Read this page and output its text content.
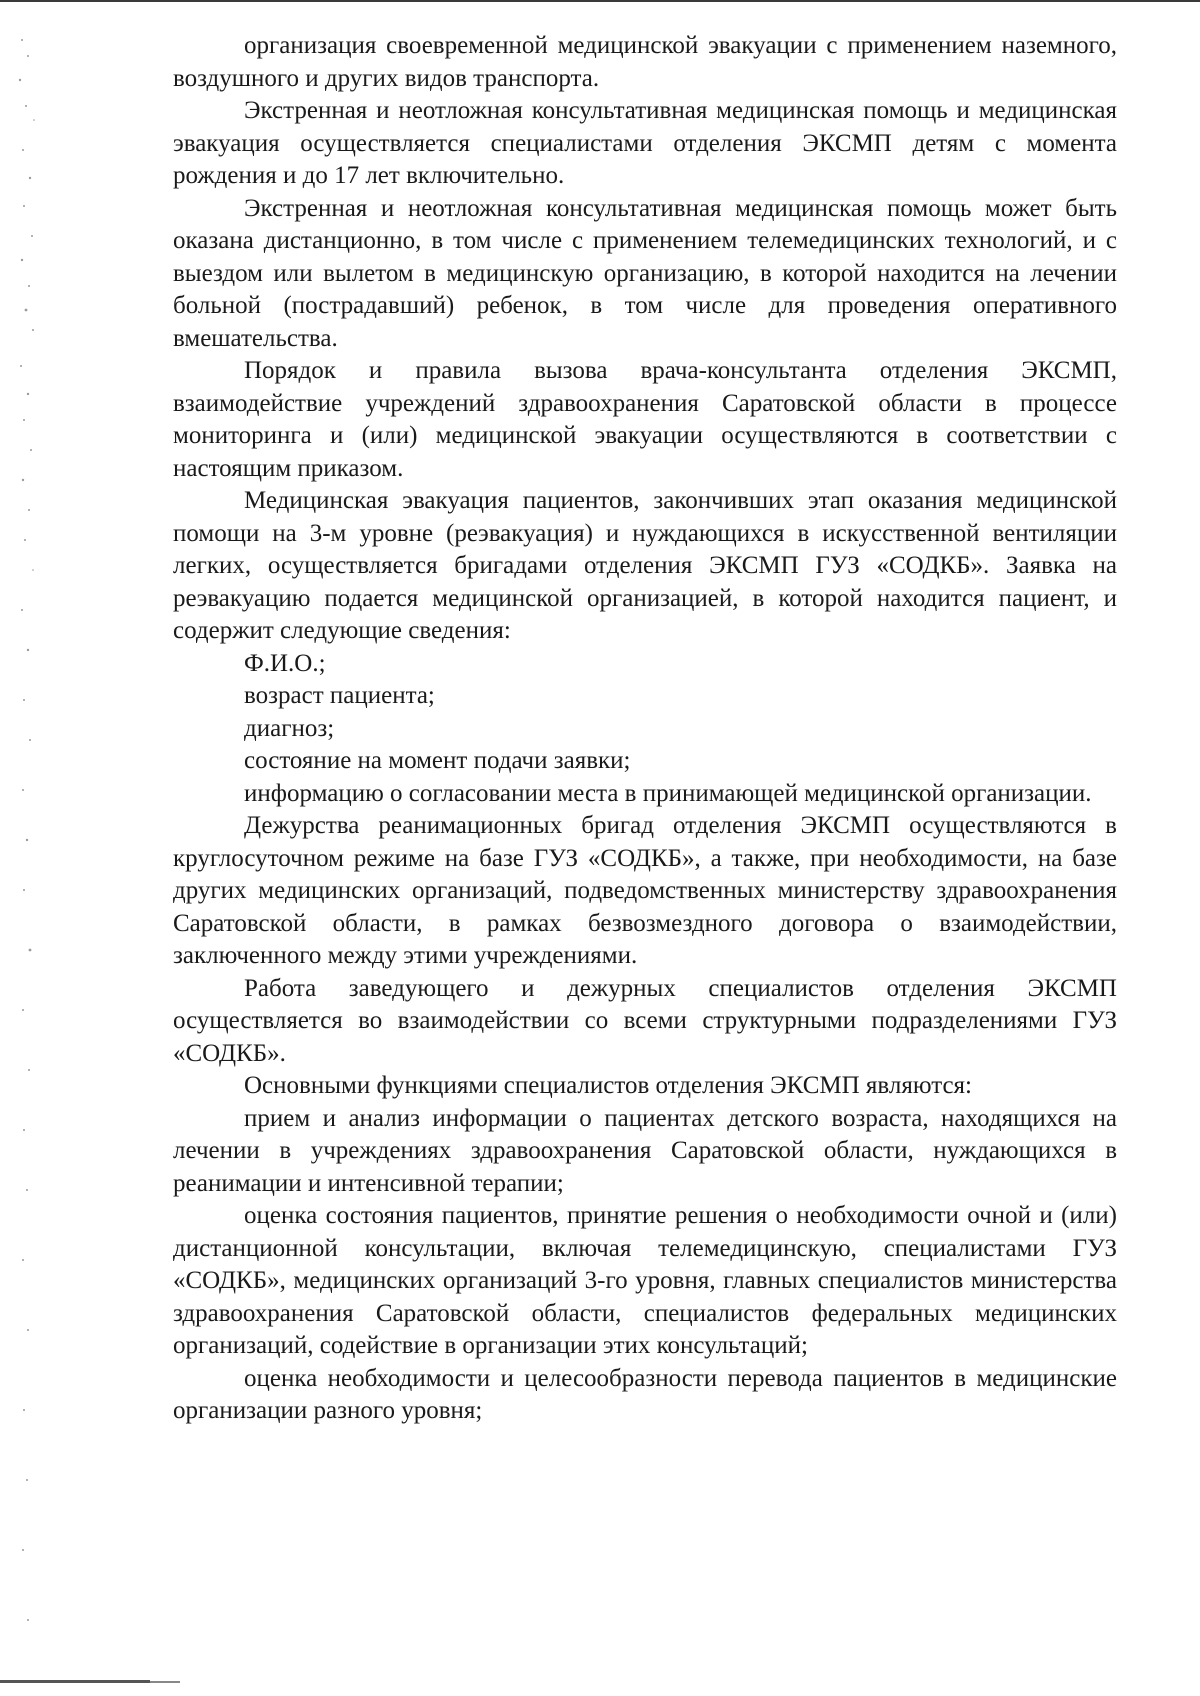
организация своевременной медицинской эвакуации с применением наземного, воздушного и других видов транспорта.

Экстренная и неотложная консультативная медицинская помощь и медицинская эвакуация осуществляется специалистами отделения ЭКСМП детям с момента рождения и до 17 лет включительно.

Экстренная и неотложная консультативная медицинская помощь может быть оказана дистанционно, в том числе с применением телемедицинских технологий, и с выездом или вылетом в медицинскую организацию, в которой находится на лечении больной (пострадавший) ребенок, в том числе для проведения оперативного вмешательства.

Порядок и правила вызова врача-консультанта отделения ЭКСМП, взаимодействие учреждений здравоохранения Саратовской области в процессе мониторинга и (или) медицинской эвакуации осуществляются в соответствии с настоящим приказом.

Медицинская эвакуация пациентов, закончивших этап оказания медицинской помощи на 3-м уровне (реэвакуация) и нуждающихся в искусственной вентиляции легких, осуществляется бригадами отделения ЭКСМП ГУЗ «СОДКБ». Заявка на реэвакуацию подается медицинской организацией, в которой находится пациент, и содержит следующие сведения:

Ф.И.О.;

возраст пациента;

диагноз;

состояние на момент подачи заявки;

информацию о согласовании места в принимающей медицинской организации.

Дежурства реанимационных бригад отделения ЭКСМП осуществляются в круглосуточном режиме на базе ГУЗ «СОДКБ», а также, при необходимости, на базе других медицинских организаций, подведомственных министерству здравоохранения Саратовской области, в рамках безвозмездного договора о взаимодействии, заключенного между этими учреждениями.

Работа заведующего и дежурных специалистов отделения ЭКСМП осуществляется во взаимодействии со всеми структурными подразделениями ГУЗ «СОДКБ».

Основными функциями специалистов отделения ЭКСМП являются:

прием и анализ информации о пациентах детского возраста, находящихся на лечении в учреждениях здравоохранения Саратовской области, нуждающихся в реанимации и интенсивной терапии;

оценка состояния пациентов, принятие решения о необходимости очной и (или) дистанционной консультации, включая телемедицинскую, специалистами ГУЗ «СОДКБ», медицинских организаций 3-го уровня, главных специалистов министерства здравоохранения Саратовской области, специалистов федеральных медицинских организаций, содействие в организации этих консультаций;

оценка необходимости и целесообразности перевода пациентов в медицинские организации разного уровня;
